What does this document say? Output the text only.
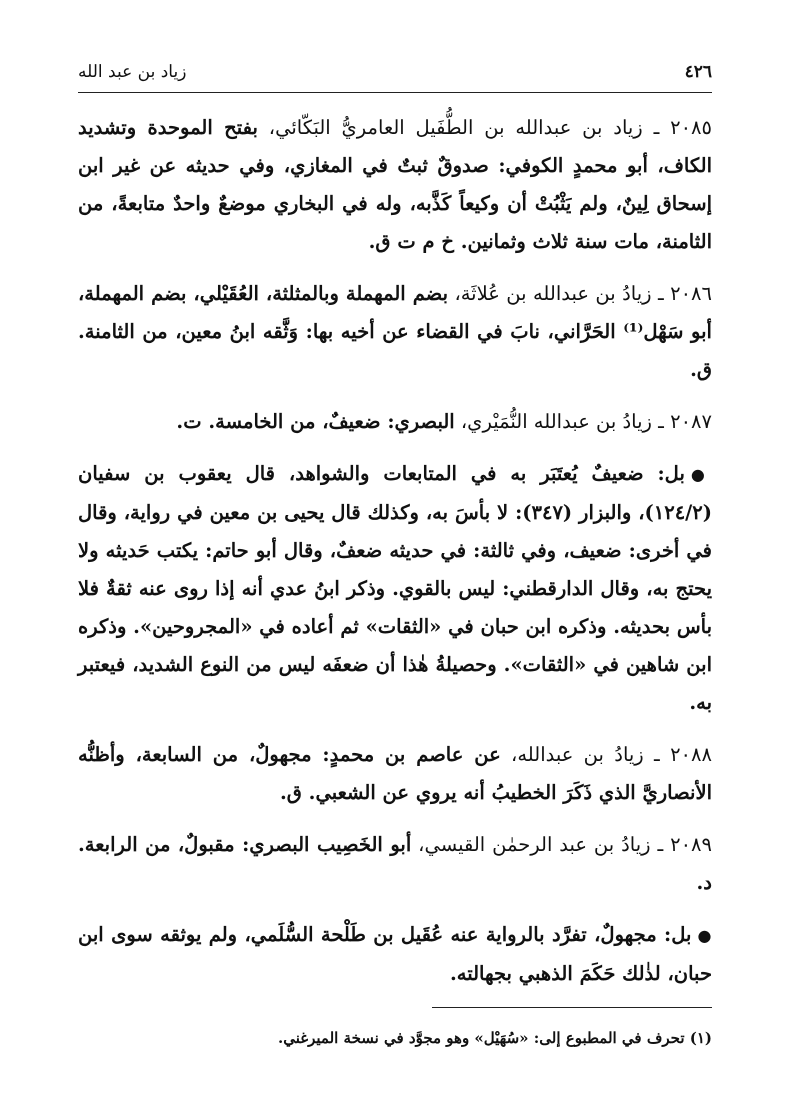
٤٢٦
زياد بن عبد الله

٢٠٨٥ ـ زياد بن عبدالله بن الطُّفَيل العامريُّ البَكّائي، بفتح الموحدة وتشديد الكاف، أبو محمدٍ الكوفي: صدوقٌ ثبتٌ في المغازي، وفي حديثه عن غير ابن إسحاق لِينٌ، ولم يَثْبُتْ أن وكيعاً كَذَّبه، وله في البخاري موضعٌ واحدٌ متابعةً، من الثامنة، مات سنة ثلاث وثمانين. خ م ت ق.

٢٠٨٦ ـ زيادُ بن عبدالله بن عُلاثَة، بضم المهملة وبالمثلثة، العُقَيْلي، بضم المهملة، أبو سَهْل⁽¹⁾ الحَرَّاني، نابَ في القضاء عن أخيه بها: وَثَّقه ابنُ معين، من الثامنة. ق.

٢٠٨٧ ـ زيادُ بن عبدالله النُّمَيْري، البصري: ضعيفٌ، من الخامسة. ت.

●بل: ضعيفٌ يُعتَبَر به في المتابعات والشواهد، قال يعقوب بن سفيان (١٢٤/٢)، والبزار (٣٤٧): لا بأسَ به، وكذلك قال يحيى بن معين في رواية، وقال في أخرى: ضعيف، وفي ثالثة: في حديثه ضعفٌ، وقال أبو حاتم: يكتب حَديثه ولا يحتج به، وقال الدارقطني: ليس بالقوي. وذكر ابنُ عدي أنه إذا روى عنه ثقةٌ فلا بأس بحديثه. وذكره ابن حبان في «الثقات» ثم أعاده في «المجروحين». وذكره ابن شاهين في «الثقات». وحصيلةُ هٰذا أن ضعفَه ليس من النوع الشديد، فيعتبر به.

٢٠٨٨ ـ زيادُ بن عبدالله، عن عاصم بن محمدٍ: مجهولٌ، من السابعة، وأظنُّه الأنصاريَّ الذي ذَكَرَ الخطيبُ أنه يروي عن الشعبي. ق.

٢٠٨٩ ـ زيادُ بن عبد الرحمٰن القيسي، أبو الخَصِيب البصري: مقبولٌ، من الرابعة. د.

●بل: مجهولٌ، تفرَّد بالرواية عنه عُقَيل بن طَلْحة السُّلَمي، ولم يوثقه سوى ابن حبان، لذٰلك حَكَمَ الذهبي بجهالته.

(١) تحرف في المطبوع إلى: «سُهَيْل» وهو مجوَّد في نسخة الميرغني.
